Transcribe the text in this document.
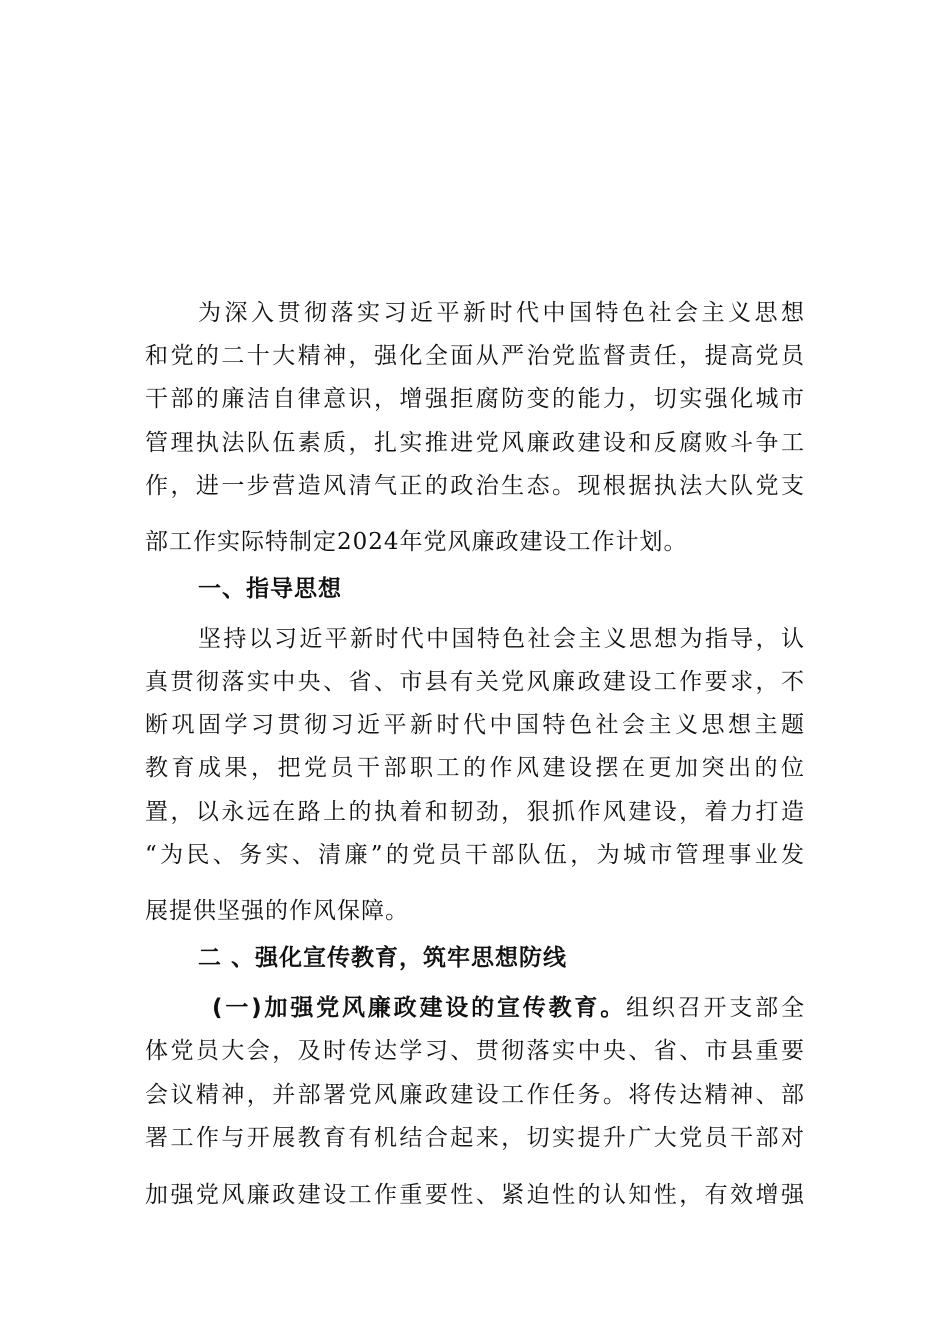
为深入贯彻落实习近平新时代中国特色社会主义思想
和党的二十大精神，强化全面从严治党监督责任，提高党员
干部的廉洁自律意识，增强拒腐防变的能力，切实强化城市
管理执法队伍素质，扎实推进党风廉政建设和反腐败斗争工
作，进一步营造风清气正的政治生态。现根据执法大队党支
部工作实际特制定2024年党风廉政建设工作计划。
一、指导思想
坚持以习近平新时代中国特色社会主义思想为指导，认
真贯彻落实中央、省、市县有关党风廉政建设工作要求，不
断巩固学习贯彻习近平新时代中国特色社会主义思想主题
教育成果，把党员干部职工的作风建设摆在更加突出的位
置，以永远在路上的执着和韧劲，狠抓作风建设，着力打造
“为民、务实、清廉”的党员干部队伍，为城市管理事业发
展提供坚强的作风保障。
二 、强化宣传教育，筑牢思想防线
(一)加强党风廉政建设的宣传教育。组织召开支部全
体党员大会，及时传达学习、贯彻落实中央、省、市县重要
会议精神，并部署党风廉政建设工作任务。将传达精神、部
署工作与开展教育有机结合起来，切实提升广大党员干部对
加强党风廉政建设工作重要性、紧迫性的认知性，有效增强
